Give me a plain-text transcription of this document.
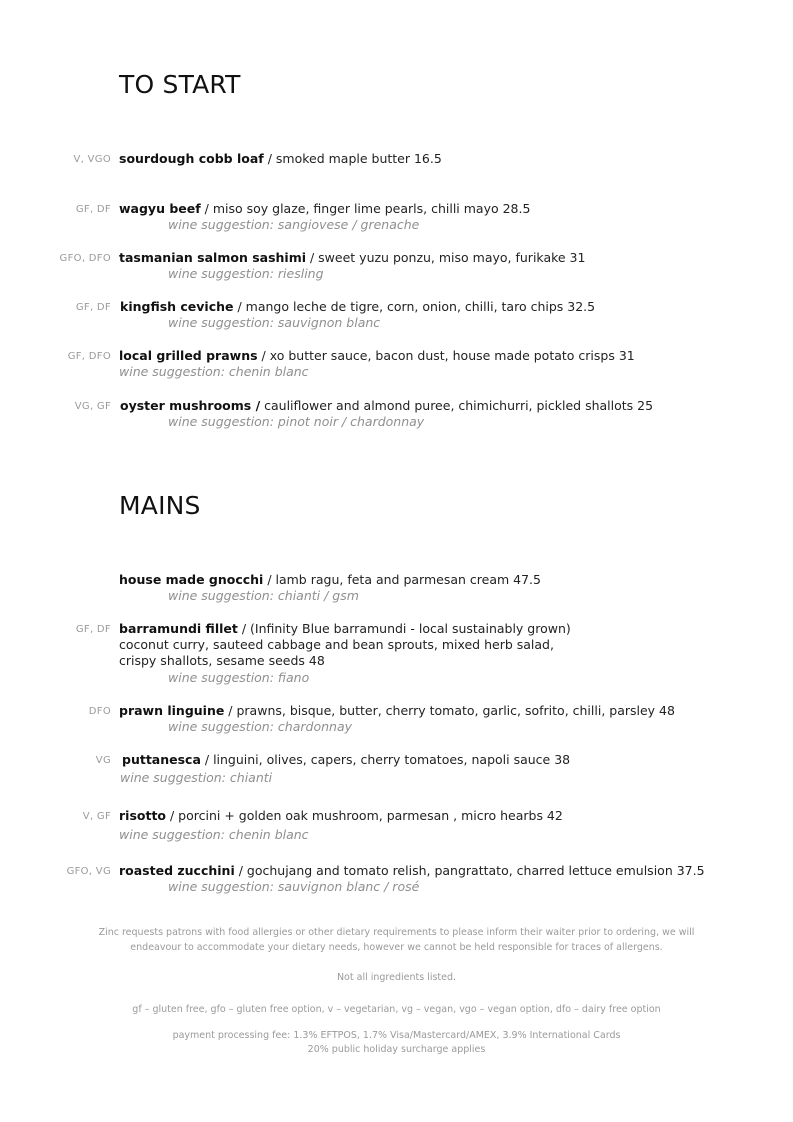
TO START
MAINS
V, VGO sourdough cobb loaf / smoked maple butter 16.5
GF, DF wagyu beef / miso soy glaze, finger lime pearls, chilli mayo 28.5
wine suggestion: sangiovese / grenache
GFO, DFO tasmanian salmon sashimi / sweet yuzu ponzu, miso mayo, furikake 31
wine suggestion: riesling
GF, DF kingfish ceviche / mango leche de tigre, corn, onion, chilli, taro chips 32.5
wine suggestion: sauvignon blanc
GF, DFO local grilled prawns / xo butter sauce, bacon dust, house made potato crisps 31
wine suggestion: chenin blanc
VG, GF oyster mushrooms / cauliflower and almond puree, chimichurri, pickled shallots 25
wine suggestion: pinot noir / chardonnay
house made gnocchi / lamb ragu, feta and parmesan cream 47.5
wine suggestion: chianti / gsm
GF, DF barramundi fillet / (Infinity Blue barramundi - local sustainably grown)
coconut curry, sauteed cabbage and bean sprouts, mixed herb salad,
crispy shallots, sesame seeds 48
wine suggestion: fiano
DFO prawn linguine / prawns, bisque, butter, cherry tomato, garlic, sofrito, chilli, parsley 48
wine suggestion: chardonnay
VG puttanesca / linguini, olives, capers, cherry tomatoes, napoli sauce 38
wine suggestion: chianti
V, GF risotto / porcini + golden oak mushroom, parmesan , micro hearbs 42
wine suggestion: chenin blanc
GFO, VG roasted zucchini / gochujang and tomato relish, pangrattato, charred lettuce emulsion 37.5
wine suggestion: sauvignon blanc / rosé
Zinc requests patrons with food allergies or other dietary requirements to please inform their waiter prior to ordering, we will
endeavour to accommodate your dietary needs, however we cannot be held responsible for traces of allergens.
Not all ingredients listed.
gf – gluten free, gfo – gluten free option, v – vegetarian, vg – vegan, vgo – vegan option, dfo – dairy free option
payment processing fee: 1.3% EFTPOS, 1.7% Visa/Mastercard/AMEX, 3.9% International Cards
20% public holiday surcharge applies
